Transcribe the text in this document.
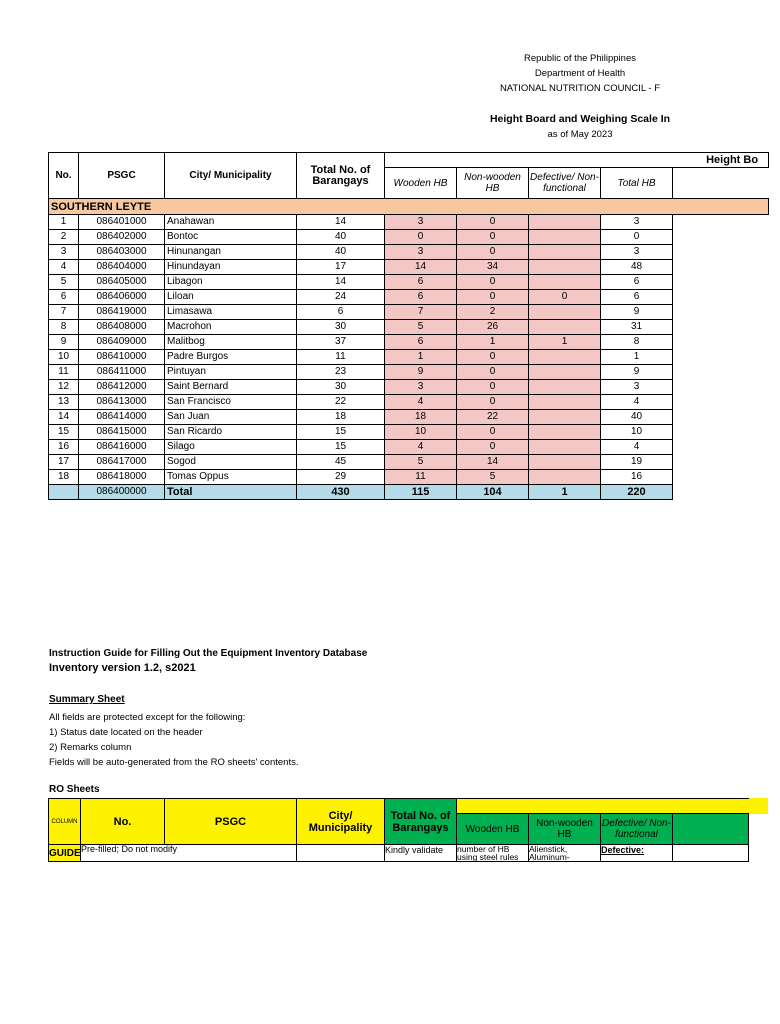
Republic of the Philippines
Department of Health
NATIONAL NUTRITION COUNCIL - F
Height Board and Weighing Scale In
as of May 2023
No.	PSGC	City/ Municipality	Total No. of Barangays	Height Bo				
				Wooden HB	Non-wooden HB	Defective/ Non-functional	Total HB	
SOUTHERN LEYTE								
1	086401000	Anahawan	14	3	0		3	
2	086402000	Bontoc	40	0	0		0	
3	086403000	Hinunangan	40	3	0		3	
4	086404000	Hinundayan	17	14	34		48	
5	086405000	Libagon	14	6	0		6	
6	086406000	Liloan	24	6	0	0	6	
7	086419000	Limasawa	6	7	2		9	
8	086408000	Macrohon	30	5	26		31	
9	086409000	Malitbog	37	6	1	1	8	
10	086410000	Padre Burgos	11	1	0		1	
11	086411000	Pintuyan	23	9	0		9	
12	086412000	Saint Bernard	30	3	0		3	
13	086413000	San Francisco	22	4	0		4	
14	086414000	San Juan	18	18	22		40	
15	086415000	San Ricardo	15	10	0		10	
16	086416000	Silago	15	4	0		4	
17	086417000	Sogod	45	5	14		19	
18	086418000	Tomas Oppus	29	11	5		16	
	086400000	Total	430	115	104	1	220	
Instruction Guide for Filling Out the Equipment Inventory Database
Inventory version 1.2, s2021
Summary Sheet
All fields are protected except for the following:
1) Status date located on the header
2) Remarks column
Fields will be auto-generated from the RO sheets' contents.
RO Sheets
COLUMN	No.	PSGC	City/ Municipality	Total No. of Barangays				
					Wooden HB	Non-wooden HB	Defective/ Non-functional	
GUIDE	Pre-filled; Do not modify			Kindly validate	number of HB using steel rules	Alienstick, Aluminum-	Defective:	
